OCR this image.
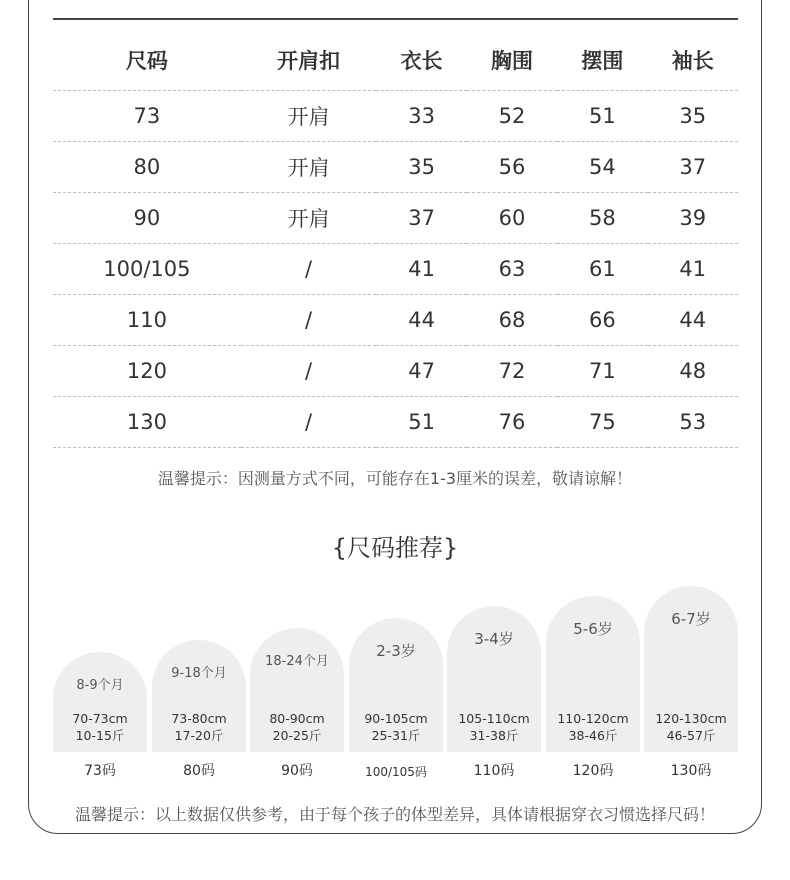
尺码	开肩扣	衣长	胸围	摆围	袖长
73	开肩	33	52	51	35
80	开肩	35	56	54	37
90	开肩	37	60	58	39
100/105	/	41	63	61	41
110	/	44	68	66	44
120	/	47	72	71	48
130	/	51	76	75	53
温馨提示：因测量方式不同，可能存在1-3厘米的误差，敬请谅解！
{尺码推荐}
8-9个月
70-73cm
10-15斤
73码
9-18个月
73-80cm
17-20斤
80码
18-24个月
80-90cm
20-25斤
90码
2-3岁
90-105cm
25-31斤
100/105码
3-4岁
105-110cm
31-38斤
110码
5-6岁
110-120cm
38-46斤
120码
6-7岁
120-130cm
46-57斤
130码
温馨提示：以上数据仅供参考，由于每个孩子的体型差异，具体请根据穿衣习惯选择尺码！
